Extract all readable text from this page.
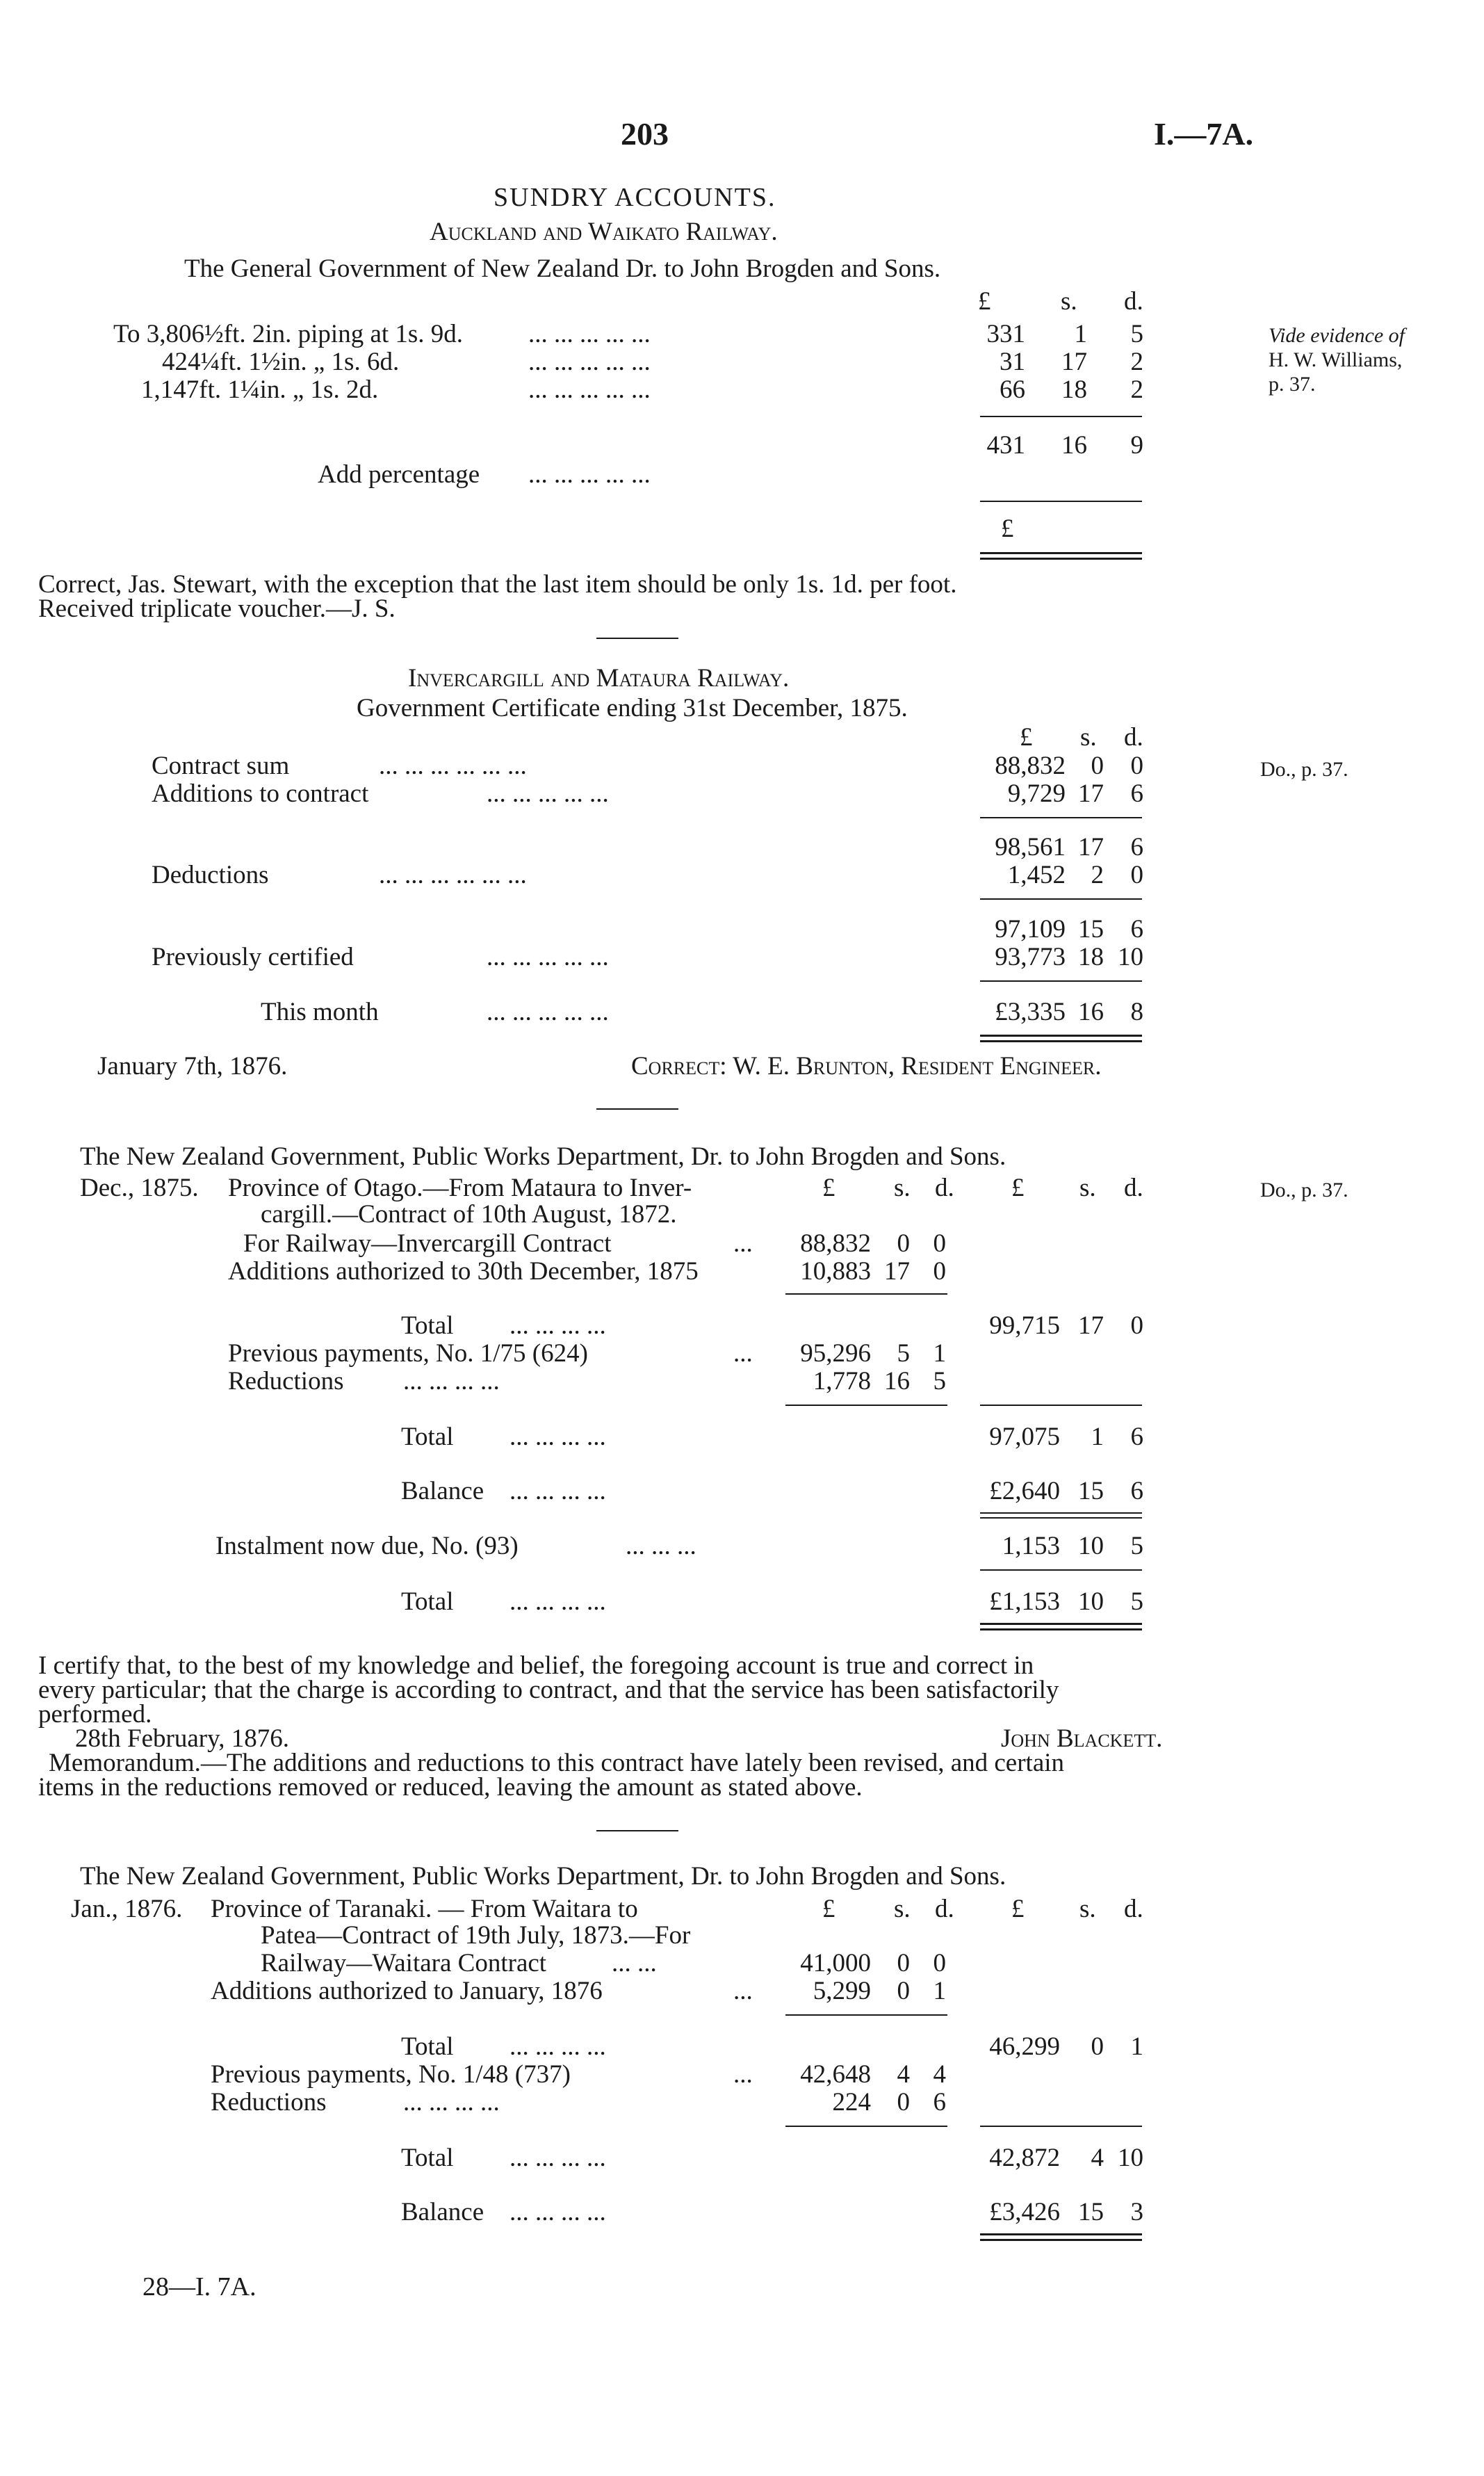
203	I.—7A.
SUNDRY ACCOUNTS.
Auckland and Waikato Railway.
The General Government of New Zealand Dr. to John Brogden and Sons.
£	s. d.
To 3,806½ft. 2in. piping at 1s. 9d.	... ... ... ... ...	331 1 5
424¼ft. 1½in. „ 1s. 6d.	... ... ... ... ...	31 17 2
1,147ft. 1¼in. „ 1s. 2d.	... ... ... ... ...	66 18 2
431 16 9
Add percentage ... ... ... ... ...
£
Correct, Jas. Stewart, with the exception that the last item should be only 1s. 1d. per foot.
Received triplicate voucher.—J. S.
Vide evidence of
H. W. Williams,
p. 37.
Invercargill and Mataura Railway.
Government Certificate ending 31st December, 1875.
£ s. d.
Contract sum	... ... ... ... ... ...	88,832 0 0
Additions to contract	... ... ... ... ...	9,729 17 6
98,561 17 6
Deductions	... ... ... ... ... ...	1,452 2 0
97,109 15 6
Previously certified	... ... ... ... ...	93,773 18 10
This month	... ... ... ... ...	£3,335 16 8
January 7th, 1876.	Correct: W. E. Brunton, Resident Engineer.
Do., p. 37.
The New Zealand Government, Public Works Department, Dr. to John Brogden and Sons.
Dec., 1875. Province of Otago.—From Mataura to Inver-
cargill.—Contract of 10th August, 1872.
£ s. d. £ s. d.
For Railway—Invercargill Contract	... 88,832 0 0
Additions authorized to 30th December, 1875	10,883 17 0
Total ... ... ... ...	99,715 17 0
Previous payments, No. 1/75 (624)	... 95,296 5 1
Reductions ... ... ... ...	1,778 16 5
Total ... ... ... ...	97,075 1 6
Balance ... ... ... ...	£2,640 15 6
Instalment now due, No. (93)	... ... ...	1,153 10 5
Total ... ... ... ...	£1,153 10 5
Do., p. 37.
I certify that, to the best of my knowledge and belief, the foregoing account is true and correct in
every particular; that the charge is according to contract, and that the service has been satisfactorily
performed.
28th February, 1876.	John Blackett.
Memorandum.—The additions and reductions to this contract have lately been revised, and certain
items in the reductions removed or reduced, leaving the amount as stated above.
The New Zealand Government, Public Works Department, Dr. to John Brogden and Sons.
Jan., 1876. Province of Taranaki. — From Waitara to
Patea—Contract of 19th July, 1873.—For
£ s. d. £ s. d.
Railway—Waitara Contract	... ...	41,000 0 0
Additions authorized to January, 1876	... 5,299 0 1
Total ... ... ... ...	46,299 0 1
Previous payments, No. 1/48 (737)	... 42,648 4 4
Reductions	... ... ... ...	224 0 6
Total ... ... ... ...	42,872 4 10
Balance ... ... ... ...	£3,426 15 3
28—I. 7A.
